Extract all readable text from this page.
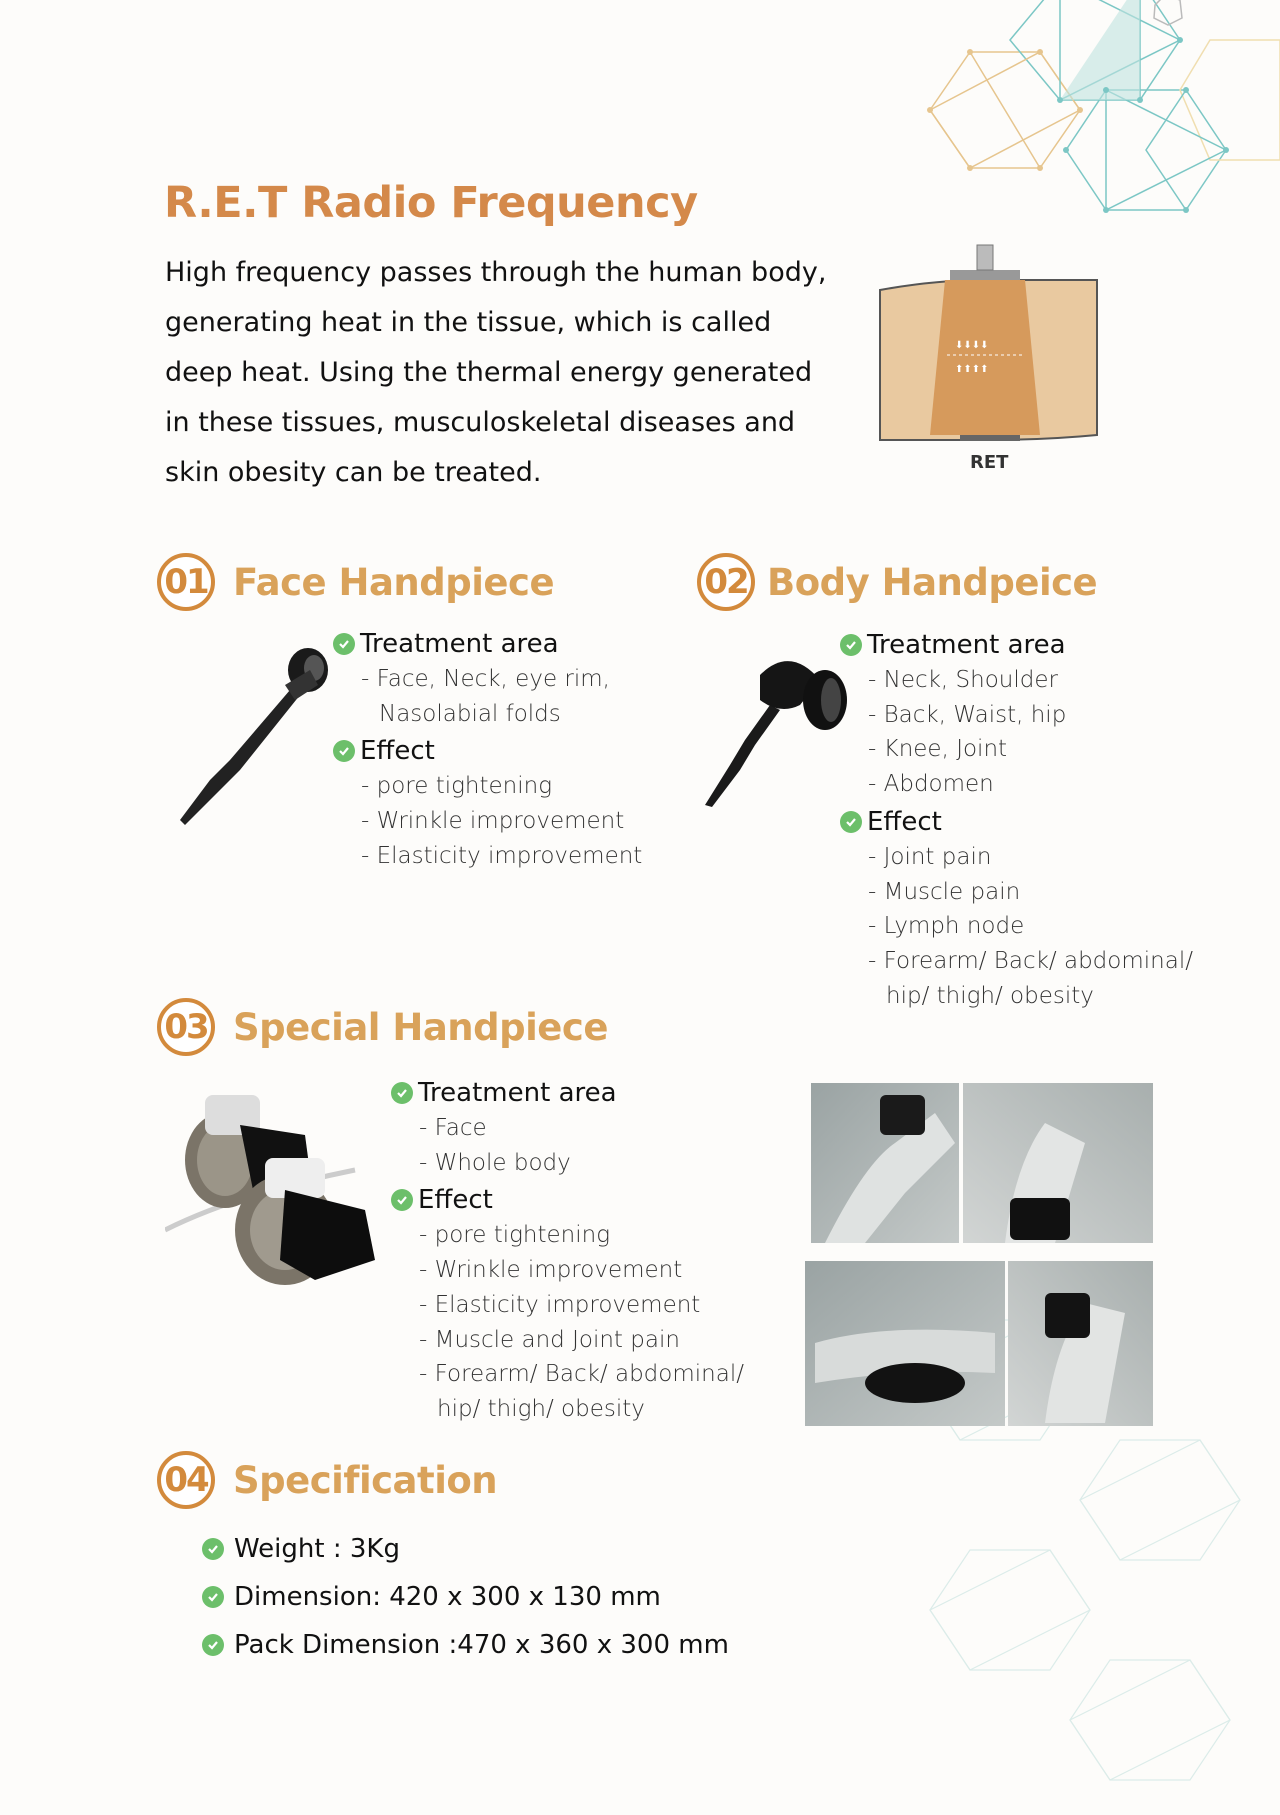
R.E.T Radio Frequency

High frequency passes through the human body,

generating heat in the tissue, which is called

deep heat. Using the thermal energy generated

in these tissues, musculoskeletal diseases and

skin obesity can be treated.

⬇⬇⬇⬇
⬆⬆⬆⬆
RET
01 Face Handpiece
Treatment area
- Face, Neck, eye rim,
Nasolabial folds
Effect
- pore tightening
- Wrinkle improvement
- Elasticity improvement
02 Body Handpeice
Treatment area
- Neck, Shoulder
- Back, Waist, hip
- Knee, Joint
- Abdomen
Effect
- Joint pain
- Muscle pain
- Lymph node
- Forearm/ Back/ abdominal/
hip/ thigh/ obesity
03 Special Handpiece
Treatment area
- Face
- Whole body
Effect
- pore tightening
- Wrinkle improvement
- Elasticity improvement
- Muscle and Joint pain
- Forearm/ Back/ abdominal/
hip/ thigh/ obesity
04 Specification
Weight : 3Kg
Dimension: 420 x 300 x 130 mm
Pack Dimension :470 x 360 x 300 mm
